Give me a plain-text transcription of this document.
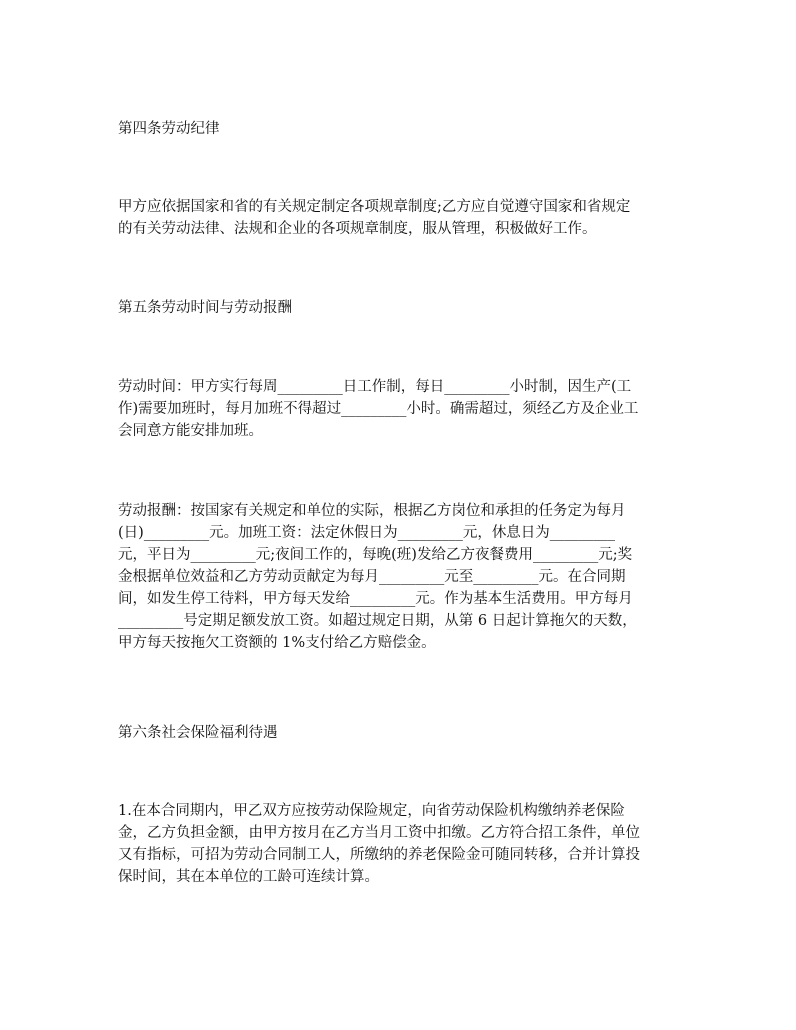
第四条劳动纪律

甲方应依据国家和省的有关规定制定各项规章制度;乙方应自觉遵守国家和省规定
的有关劳动法律、法规和企业的各项规章制度，服从管理，积极做好工作。

第五条劳动时间与劳动报酬

劳动时间：甲方实行每周_________日工作制，每日_________小时制，因生产(工
作)需要加班时，每月加班不得超过_________小时。确需超过，须经乙方及企业工
会同意方能安排加班。

劳动报酬：按国家有关规定和单位的实际，根据乙方岗位和承担的任务定为每月
(日)_________元。加班工资：法定休假日为_________元，休息日为_________
元，平日为_________元;夜间工作的，每晚(班)发给乙方夜餐费用_________元;奖
金根据单位效益和乙方劳动贡献定为每月_________元至_________元。在合同期
间，如发生停工待料，甲方每天发给_________元。作为基本生活费用。甲方每月
_________号定期足额发放工资。如超过规定日期，从第 6 日起计算拖欠的天数，
甲方每天按拖欠工资额的 1%支付给乙方赔偿金。

第六条社会保险福利待遇

1.在本合同期内，甲乙双方应按劳动保险规定，向省劳动保险机构缴纳养老保险
金，乙方负担金额，由甲方按月在乙方当月工资中扣缴。乙方符合招工条件，单位
又有指标，可招为劳动合同制工人，所缴纳的养老保险金可随同转移，合并计算投
保时间，其在本单位的工龄可连续计算。
